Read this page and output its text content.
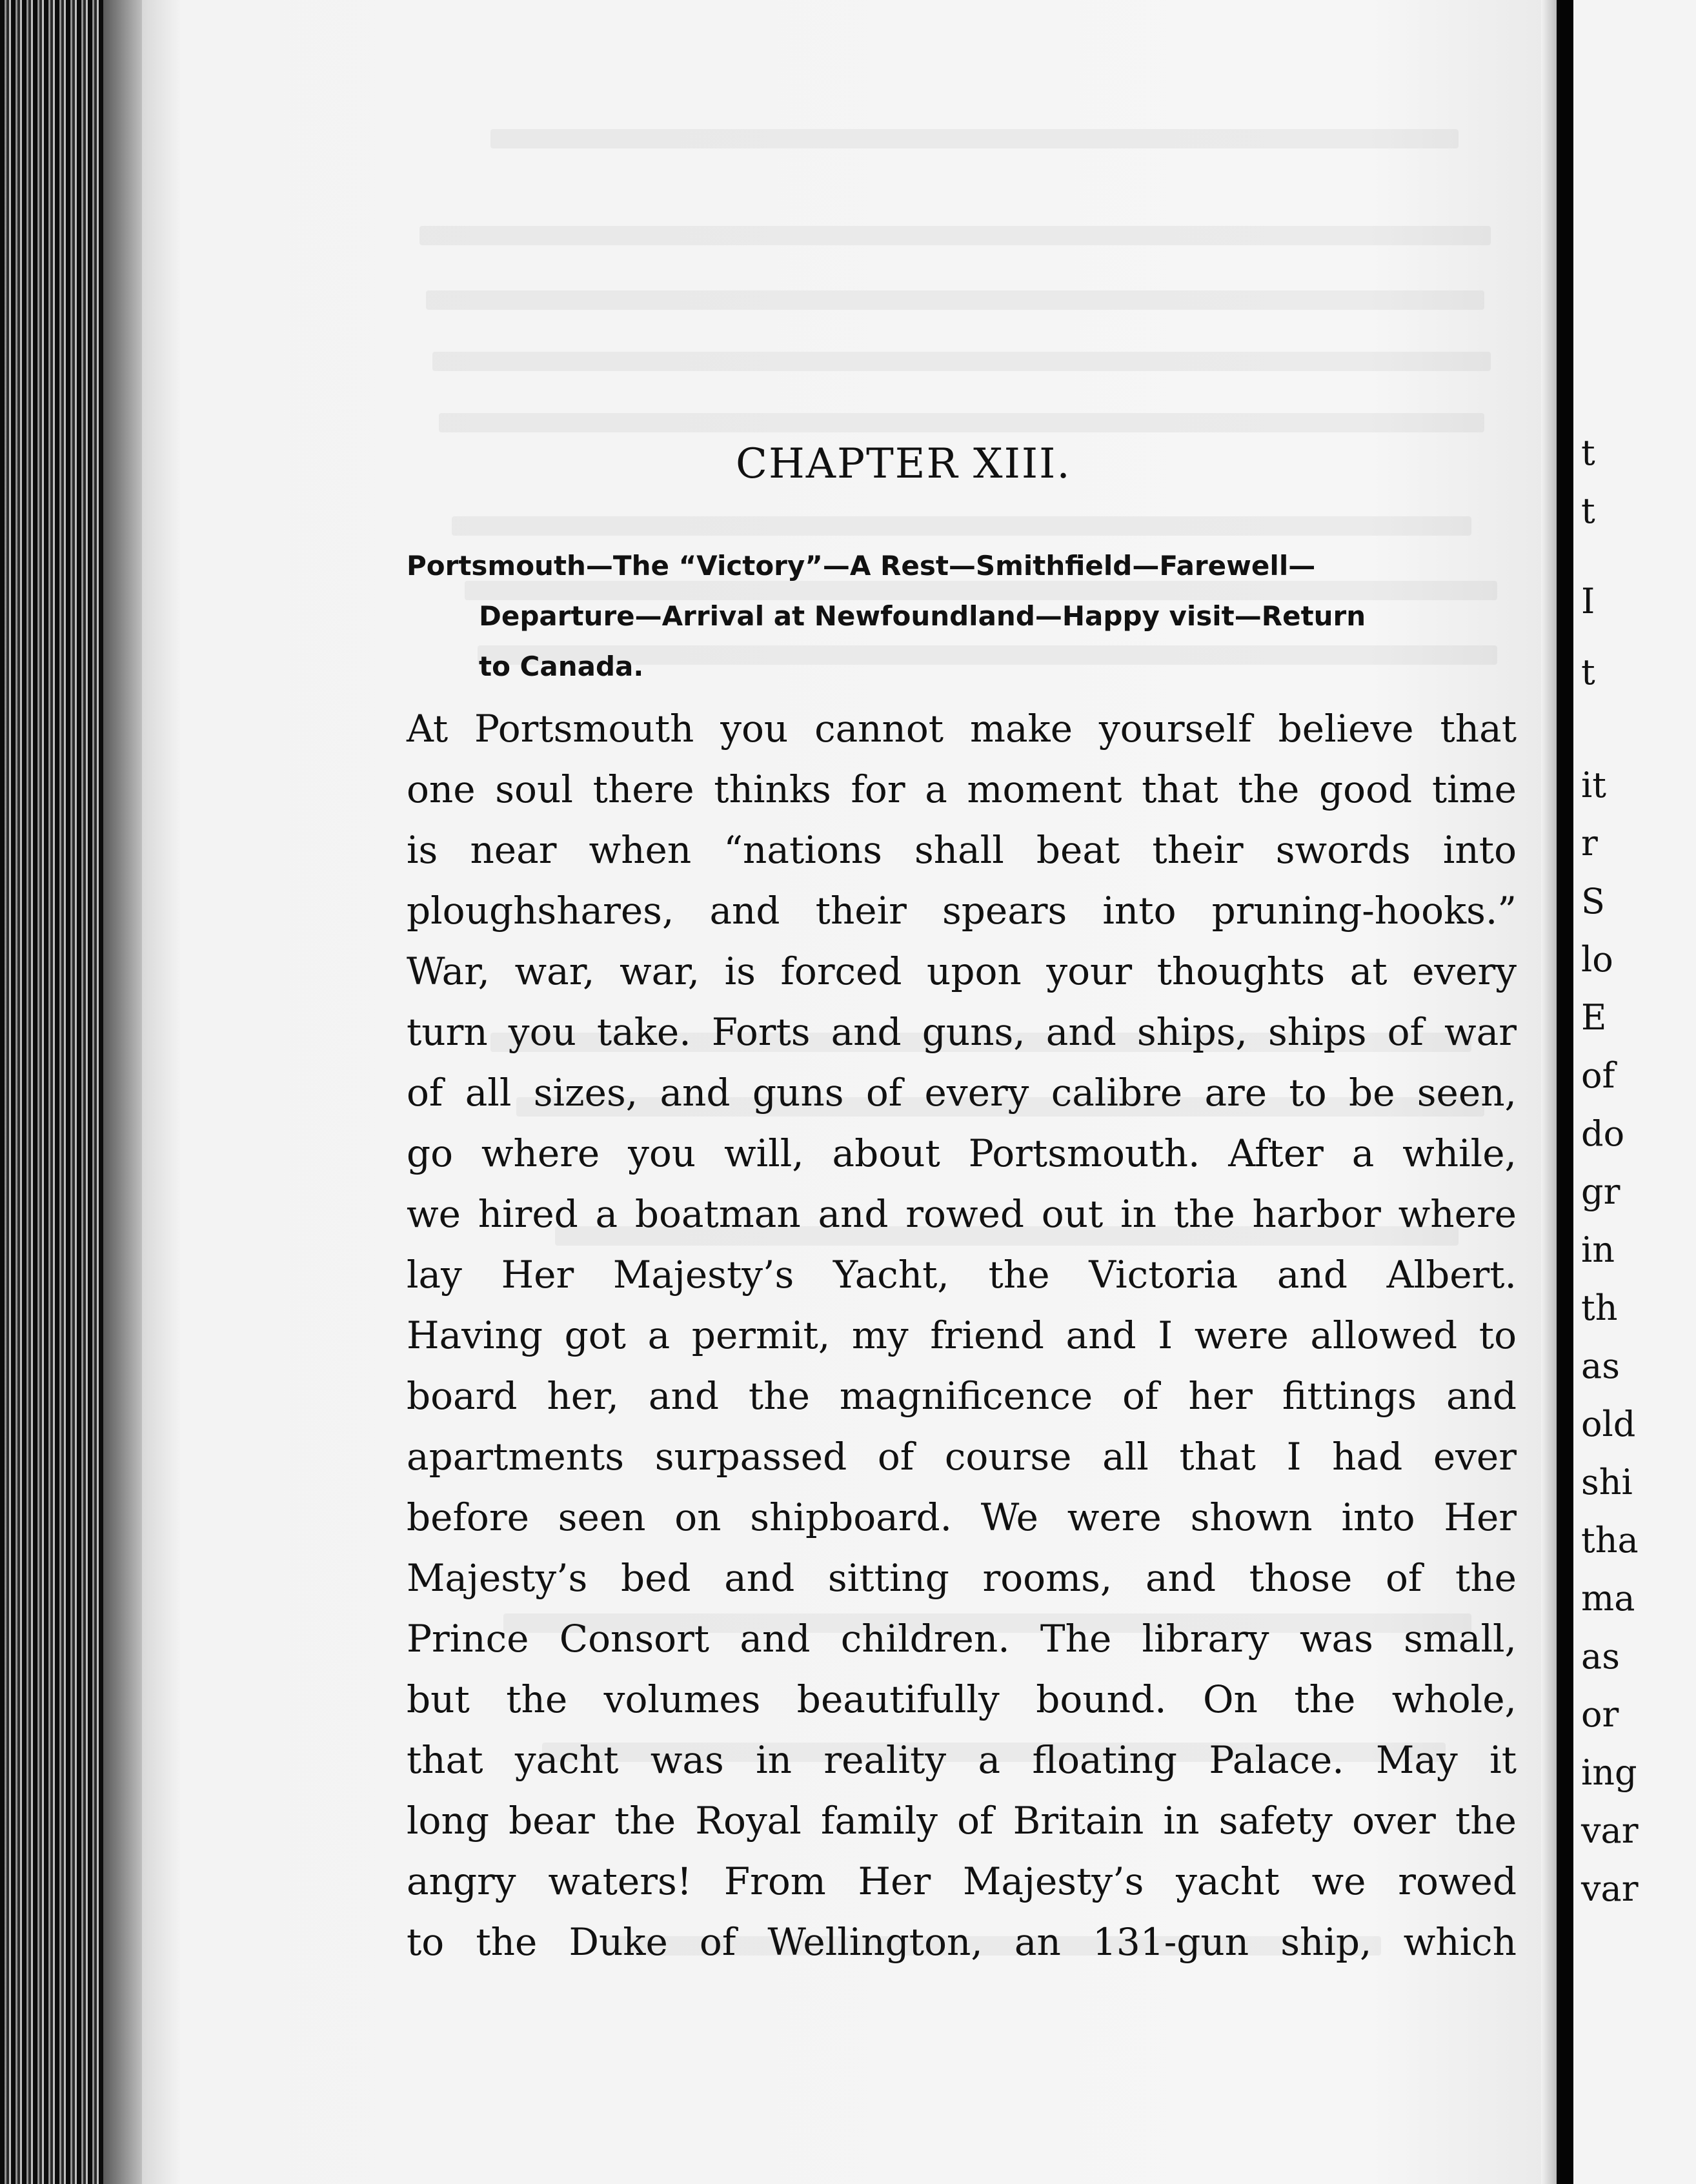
t
t
I
t
it
r
S
lo
E
of
do
gr
in
th
as
old
shi
tha
ma
as
or
ing
var
var
CHAPTER XIII.
Portsmouth—The “Victory”—A Rest—Smithfield—Farewell—
Departure—Arrival at Newfoundland—Happy visit—Return
to Canada.
At Portsmouth you cannot make yourself believe that
one soul there thinks for a moment that the good time
is near when “nations shall beat their swords into
ploughshares, and their spears into pruning-hooks.”
War, war, war, is forced upon your thoughts at every
turn you take. Forts and guns, and ships, ships of war
of all sizes, and guns of every calibre are to be seen,
go where you will, about Portsmouth. After a while,
we hired a boatman and rowed out in the harbor where
lay Her Majesty’s Yacht, the Victoria and Albert.
Having got a permit, my friend and I were allowed to
board her, and the magnificence of her fittings and
apartments surpassed of course all that I had ever
before seen on shipboard. We were shown into Her
Majesty’s bed and sitting rooms, and those of the
Prince Consort and children. The library was small,
but the volumes beautifully bound. On the whole,
that yacht was in reality a floating Palace. May it
long bear the Royal family of Britain in safety over the
angry waters! From Her Majesty’s yacht we rowed
to the Duke of Wellington, an 131-gun ship, which
